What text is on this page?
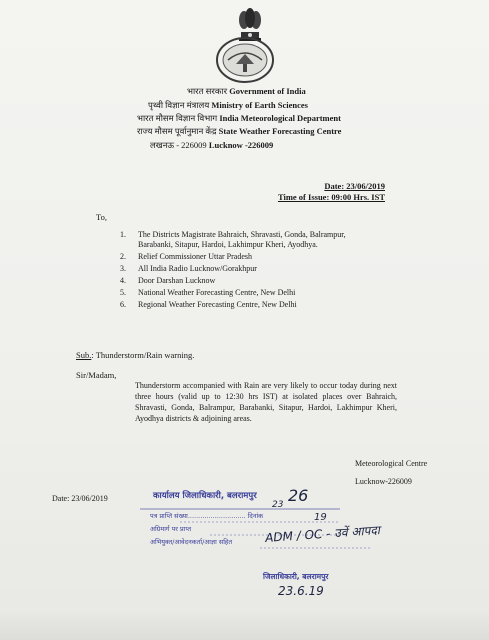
भारत सरकार Government of India
पृथ्वी विज्ञान मंत्रालय Ministry of Earth Sciences
भारत मौसम विज्ञान विभाग India Meteorological Department
राज्य मौसम पूर्वानुमान केंद्र State Weather Forecasting Centre
लखनऊ - 226009 Lucknow -226009
Date: 23/06/2019
Time of Issue: 09:00 Hrs. IST
To,
1.	The Districts Magistrate Bahraich, Shravasti, Gonda, Balrampur, Barabanki, Sitapur, Hardoi, Lakhimpur Kheri, Ayodhya.
2.	Relief Commissioner Uttar Pradesh
3.	All India Radio Lucknow/Gorakhpur
4.	Door Darshan Lucknow
5.	National Weather Forecasting Centre, New Delhi
6.	Regional Weather Forecasting Centre, New Delhi
Sub.: Thunderstorm/Rain warning.
Sir/Madam,
Thunderstorm accompanied with Rain are very likely to occur today during next three hours (valid up to 12:30 hrs IST) at isolated places over Bahraich, Shravasti, Gonda, Balrampur, Barabanki, Sitapur, Hardoi, Lakhimpur Kheri, Ayodhya districts & adjoining areas.
Meteorological Centre
Lucknow-226009
Date: 23/06/2019	कार्यालय जिलाधिकारी, बलरामपुर
पत्र प्राप्ति संख्या............................ दिनांक
अग्रिमार्ग पर प्राप्त
अभियुक्त/आवेदनकर्ता/आज्ञा सहित
26
23
19
ADM / OC - उवें आपदा
जिलाधिकारी, बलरामपुर
23.6.19
